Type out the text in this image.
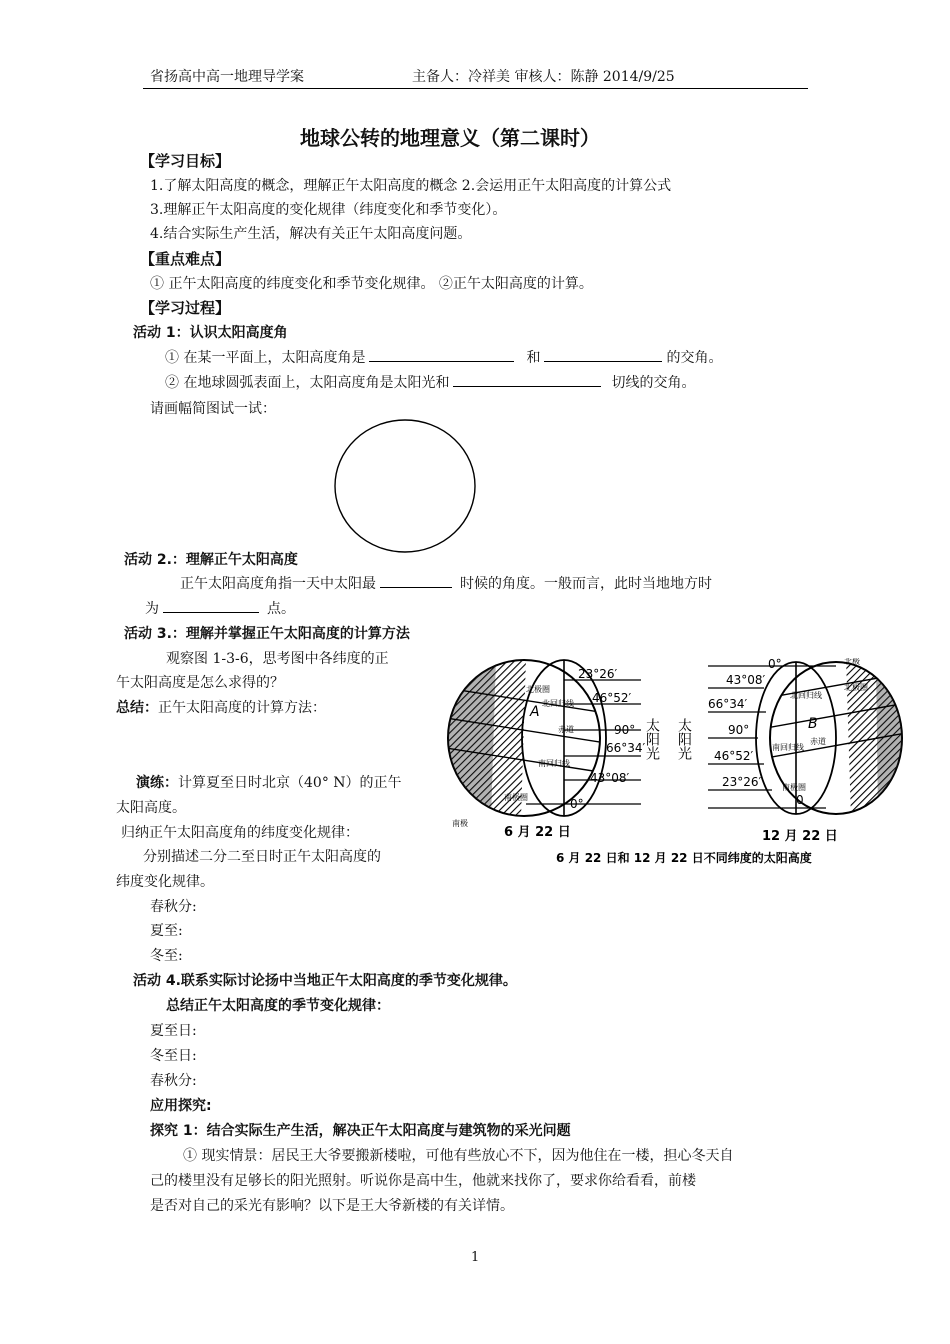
省扬高中高一地理导学案	主备人：冷祥美 审核人：陈静 2014/9/25
地球公转的地理意义（第二课时）
【学习目标】
1.了解太阳高度的概念，理解正午太阳高度的概念 2.会运用正午太阳高度的计算公式
3.理解正午太阳高度的变化规律（纬度变化和季节变化）。
4.结合实际生产生活，解决有关正午太阳高度问题。
【重点难点】
① 正午太阳高度的纬度变化和季节变化规律。 ②正午太阳高度的计算。
【学习过程】
活动 1：认识太阳高度角
① 在某一平面上，太阳高度角是	和	的交角。
② 在地球圆弧表面上，太阳高度角是太阳光和	切线的交角。
请画幅简图试一试：
活动 2.：理解正午太阳高度
正午太阳高度角指一天中太阳最	时候的角度。一般而言，此时当地地方时
为	点。
活动 3.：理解并掌握正午太阳高度的计算方法
观察图 1-3-6，思考图中各纬度的正
午太阳高度是怎么求得的？
总结：正午太阳高度的计算方法：
演练：计算夏至日时北京（40° N）的正午
太阳高度。
归纳正午太阳高度角的纬度变化规律：
分别描述二分二至日时正午太阳高度的
纬度变化规律。
春秋分:
夏至:
冬至:
A
北极圈
北回归线
赤道
南回归线
南极圈
南极
23°26′
46°52′
90°
66°34′
43°08′
0°
太阳光 太阳光	B
北极
北极圈
北回归线
赤道
南回归线
南极圈
0°
43°08′
66°34′
90°
46°52′
23°26′
0
6 月 22 日	12 月 22 日
6 月 22 日和 12 月 22 日不同纬度的太阳高度
活动 4.联系实际讨论扬中当地正午太阳高度的季节变化规律。
总结正午太阳高度的季节变化规律：
夏至日:
冬至日:
春秋分:
应用探究:
探究 1：结合实际生产生活，解决正午太阳高度与建筑物的采光问题
① 现实情景：居民王大爷要搬新楼啦，可他有些放心不下，因为他住在一楼，担心冬天自
己的楼里没有足够长的阳光照射。听说你是高中生，他就来找你了，要求你给看看，前楼
是否对自己的采光有影响？以下是王大爷新楼的有关详情。
1
